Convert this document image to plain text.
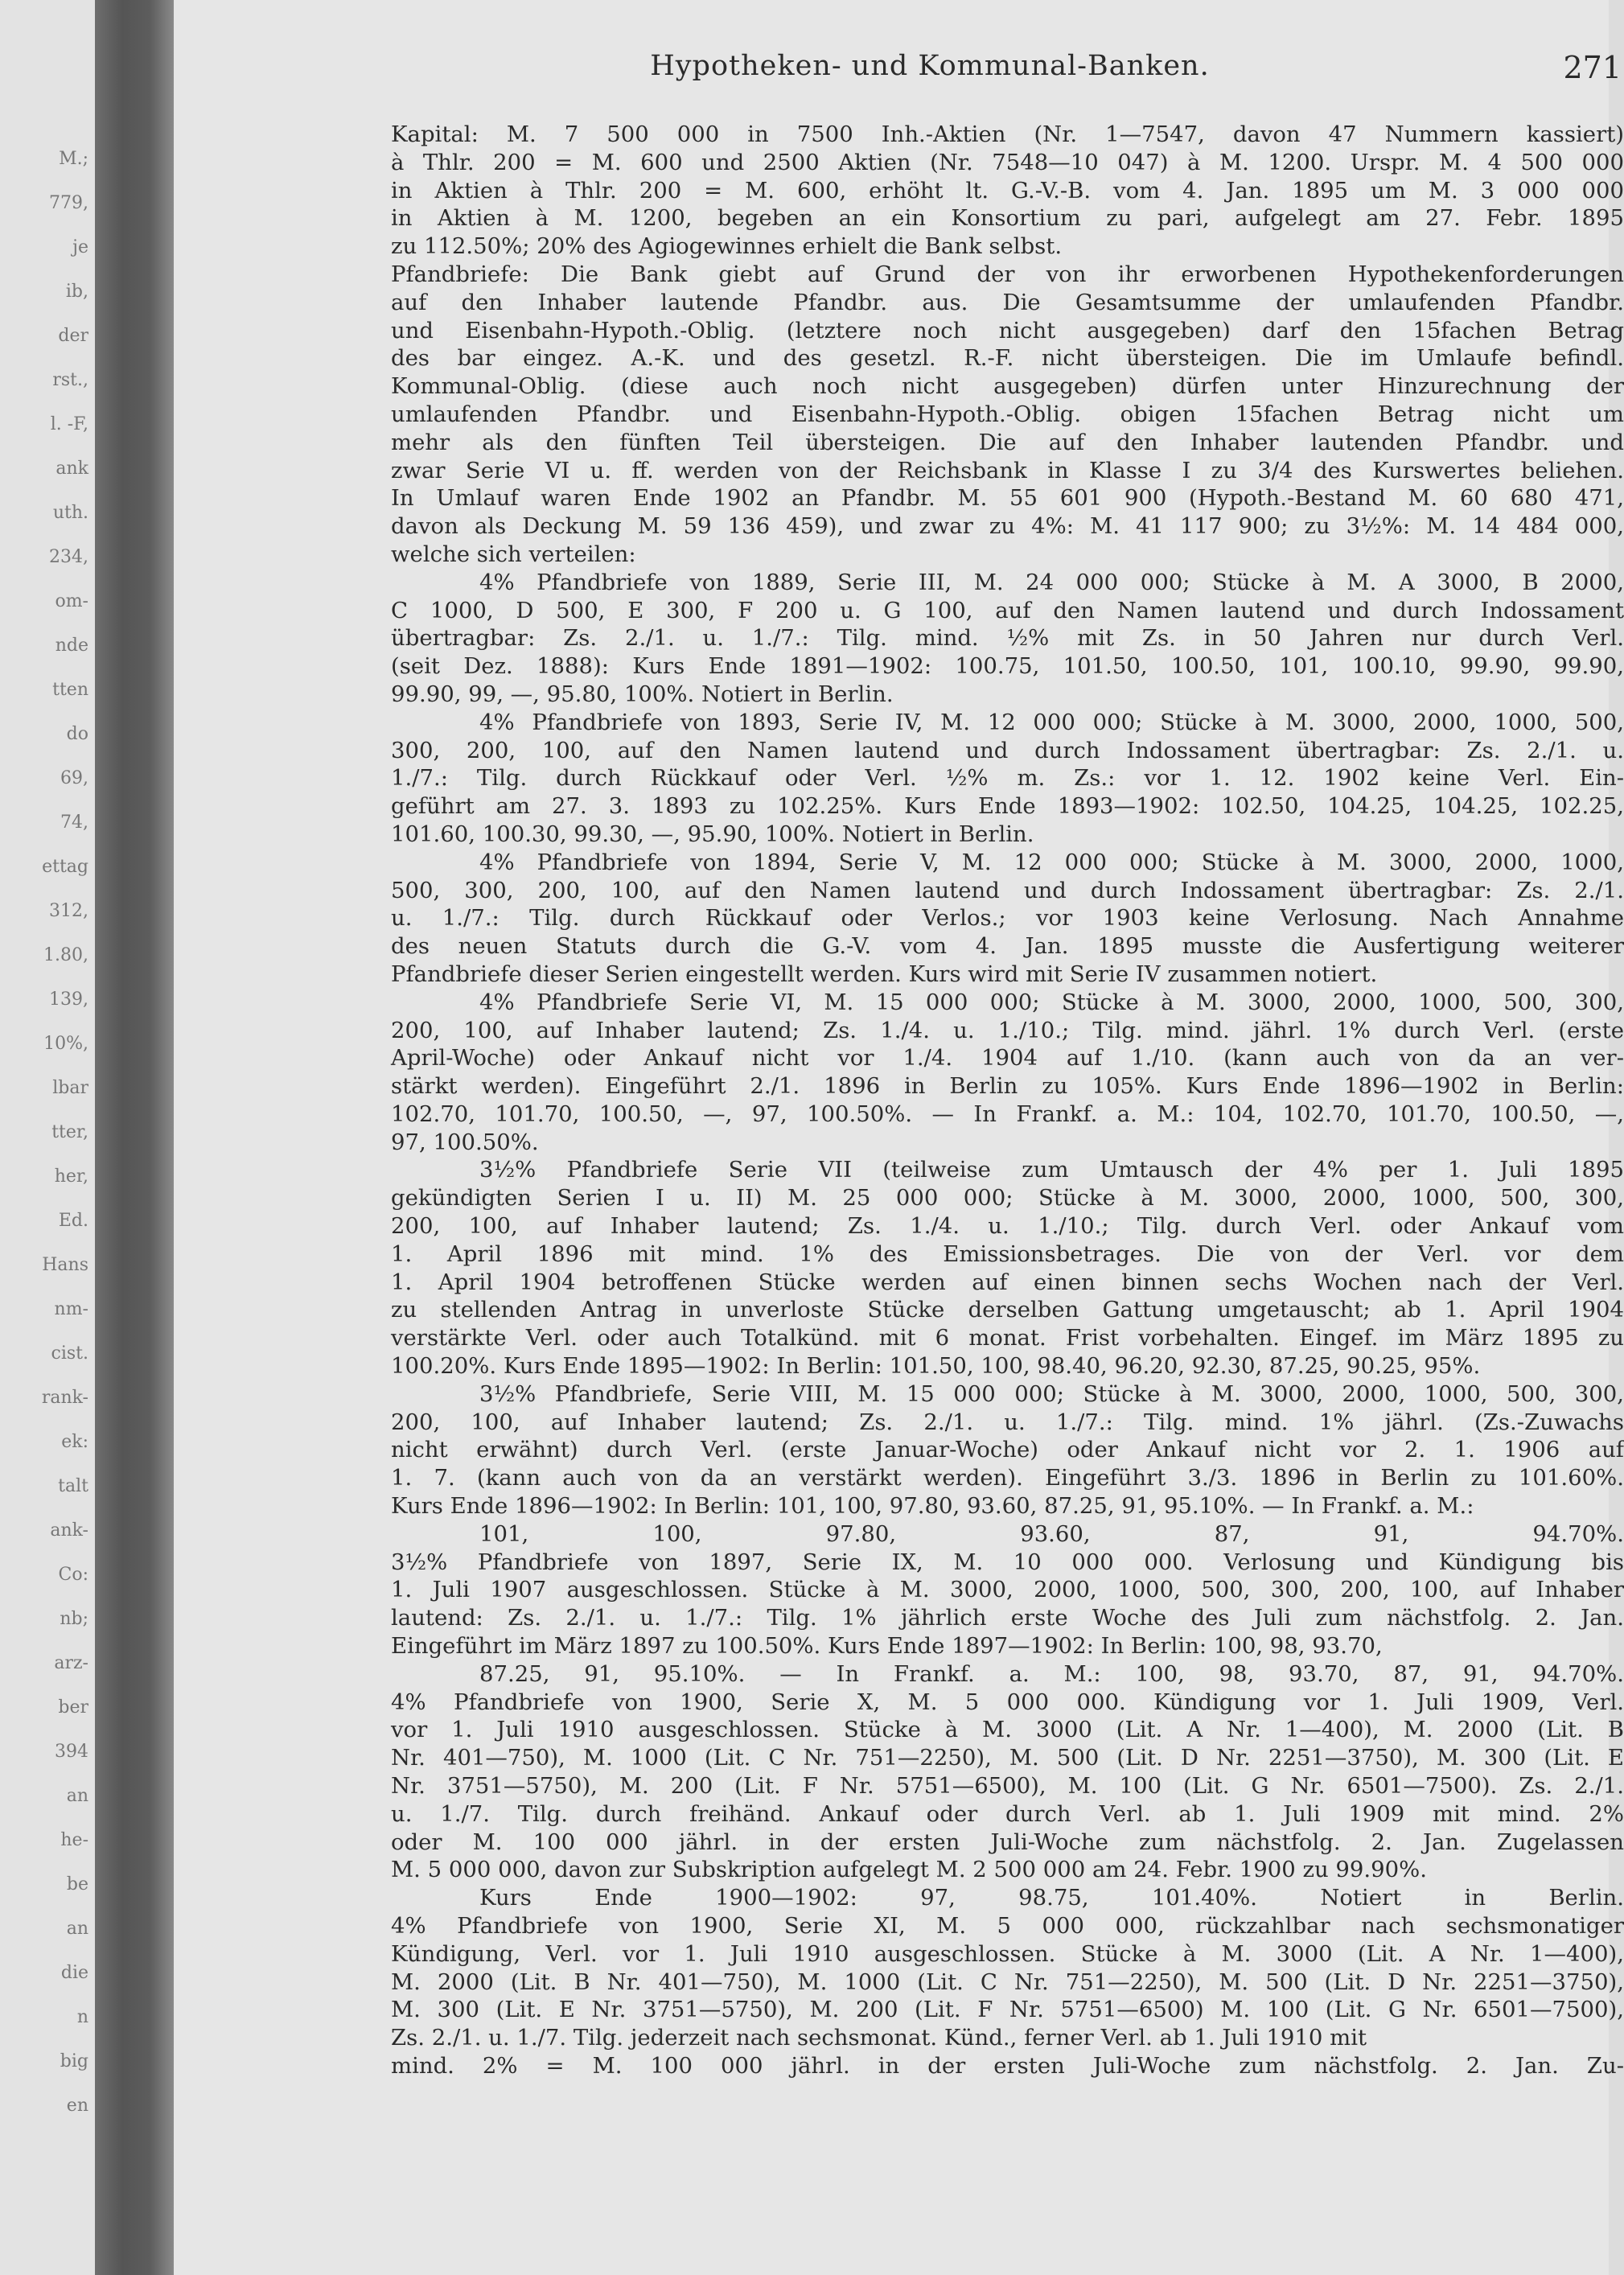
M.;
779,
je
ib,
der
rst.,
l. -F,
ank
uth.
234,
om-
nde
tten
do
69,
74,
ettag
312,
1.80,
139,
10%,
lbar
tter,
her,
Ed.
Hans
nm-
cist.
rank-
ek:
talt
ank-
Co:
nb;
arz-
ber
394
an
he-
be
an
die
n
big
en
Hypotheken- und Kommunal-Banken.	271
Kapital: M. 7 500 000 in 7500 Inh.-Aktien (Nr. 1—7547, davon 47 Nummern kassiert)
à Thlr. 200 = M. 600 und 2500 Aktien (Nr. 7548—10 047) à M. 1200. Urspr. M. 4 500 000
in Aktien à Thlr. 200 = M. 600, erhöht lt. G.-V.-B. vom 4. Jan. 1895 um M. 3 000 000
in Aktien à M. 1200, begeben an ein Konsortium zu pari, aufgelegt am 27. Febr. 1895
zu 112.50%; 20% des Agiogewinnes erhielt die Bank selbst.
Pfandbriefe: Die Bank giebt auf Grund der von ihr erworbenen Hypothekenforderungen
auf den Inhaber lautende Pfandbr. aus. Die Gesamtsumme der umlaufenden Pfandbr.
und Eisenbahn-Hypoth.-Oblig. (letztere noch nicht ausgegeben) darf den 15fachen Betrag
des bar eingez. A.-K. und des gesetzl. R.-F. nicht übersteigen. Die im Umlaufe befindl.
Kommunal-Oblig. (diese auch noch nicht ausgegeben) dürfen unter Hinzurechnung der
umlaufenden Pfandbr. und Eisenbahn-Hypoth.-Oblig. obigen 15fachen Betrag nicht um
mehr als den fünften Teil übersteigen. Die auf den Inhaber lautenden Pfandbr. und
zwar Serie VI u. ff. werden von der Reichsbank in Klasse I zu 3/4 des Kurswertes beliehen.
In Umlauf waren Ende 1902 an Pfandbr. M. 55 601 900 (Hypoth.-Bestand M. 60 680 471,
davon als Deckung M. 59 136 459), und zwar zu 4%: M. 41 117 900; zu 3½%: M. 14 484 000,
welche sich verteilen:
4% Pfandbriefe von 1889, Serie III, M. 24 000 000; Stücke à M. A 3000, B 2000,
C 1000, D 500, E 300, F 200 u. G 100, auf den Namen lautend und durch Indossament
übertragbar: Zs. 2./1. u. 1./7.: Tilg. mind. ½% mit Zs. in 50 Jahren nur durch Verl.
(seit Dez. 1888): Kurs Ende 1891—1902: 100.75, 101.50, 100.50, 101, 100.10, 99.90, 99.90,
99.90, 99, —, 95.80, 100%. Notiert in Berlin.
4% Pfandbriefe von 1893, Serie IV, M. 12 000 000; Stücke à M. 3000, 2000, 1000, 500,
300, 200, 100, auf den Namen lautend und durch Indossament übertragbar: Zs. 2./1. u.
1./7.: Tilg. durch Rückkauf oder Verl. ½% m. Zs.: vor 1. 12. 1902 keine Verl. Ein-
geführt am 27. 3. 1893 zu 102.25%. Kurs Ende 1893—1902: 102.50, 104.25, 104.25, 102.25,
101.60, 100.30, 99.30, —, 95.90, 100%. Notiert in Berlin.
4% Pfandbriefe von 1894, Serie V, M. 12 000 000; Stücke à M. 3000, 2000, 1000,
500, 300, 200, 100, auf den Namen lautend und durch Indossament übertragbar: Zs. 2./1.
u. 1./7.: Tilg. durch Rückkauf oder Verlos.; vor 1903 keine Verlosung. Nach Annahme
des neuen Statuts durch die G.-V. vom 4. Jan. 1895 musste die Ausfertigung weiterer
Pfandbriefe dieser Serien eingestellt werden. Kurs wird mit Serie IV zusammen notiert.
4% Pfandbriefe Serie VI, M. 15 000 000; Stücke à M. 3000, 2000, 1000, 500, 300,
200, 100, auf Inhaber lautend; Zs. 1./4. u. 1./10.; Tilg. mind. jährl. 1% durch Verl. (erste
April-Woche) oder Ankauf nicht vor 1./4. 1904 auf 1./10. (kann auch von da an ver-
stärkt werden). Eingeführt 2./1. 1896 in Berlin zu 105%. Kurs Ende 1896—1902 in Berlin:
102.70, 101.70, 100.50, —, 97, 100.50%. — In Frankf. a. M.: 104, 102.70, 101.70, 100.50, —,
97, 100.50%.
3½% Pfandbriefe Serie VII (teilweise zum Umtausch der 4% per 1. Juli 1895
gekündigten Serien I u. II) M. 25 000 000; Stücke à M. 3000, 2000, 1000, 500, 300,
200, 100, auf Inhaber lautend; Zs. 1./4. u. 1./10.; Tilg. durch Verl. oder Ankauf vom
1. April 1896 mit mind. 1% des Emissionsbetrages. Die von der Verl. vor dem
1. April 1904 betroffenen Stücke werden auf einen binnen sechs Wochen nach der Verl.
zu stellenden Antrag in unverloste Stücke derselben Gattung umgetauscht; ab 1. April 1904
verstärkte Verl. oder auch Totalkünd. mit 6 monat. Frist vorbehalten. Eingef. im März 1895 zu
100.20%. Kurs Ende 1895—1902: In Berlin: 101.50, 100, 98.40, 96.20, 92.30, 87.25, 90.25, 95%.
3½% Pfandbriefe, Serie VIII, M. 15 000 000; Stücke à M. 3000, 2000, 1000, 500, 300,
200, 100, auf Inhaber lautend; Zs. 2./1. u. 1./7.: Tilg. mind. 1% jährl. (Zs.-Zuwachs
nicht erwähnt) durch Verl. (erste Januar-Woche) oder Ankauf nicht vor 2. 1. 1906 auf
1. 7. (kann auch von da an verstärkt werden). Eingeführt 3./3. 1896 in Berlin zu 101.60%.
Kurs Ende 1896—1902: In Berlin: 101, 100, 97.80, 93.60, 87.25, 91, 95.10%. — In Frankf. a. M.:
101, 100, 97.80, 93.60, 87, 91, 94.70%.
3½% Pfandbriefe von 1897, Serie IX, M. 10 000 000. Verlosung und Kündigung bis
1. Juli 1907 ausgeschlossen. Stücke à M. 3000, 2000, 1000, 500, 300, 200, 100, auf Inhaber
lautend: Zs. 2./1. u. 1./7.: Tilg. 1% jährlich erste Woche des Juli zum nächstfolg. 2. Jan.
Eingeführt im März 1897 zu 100.50%. Kurs Ende 1897—1902: In Berlin: 100, 98, 93.70,
87.25, 91, 95.10%. — In Frankf. a. M.: 100, 98, 93.70, 87, 91, 94.70%.
4% Pfandbriefe von 1900, Serie X, M. 5 000 000. Kündigung vor 1. Juli 1909, Verl.
vor 1. Juli 1910 ausgeschlossen. Stücke à M. 3000 (Lit. A Nr. 1—400), M. 2000 (Lit. B
Nr. 401—750), M. 1000 (Lit. C Nr. 751—2250), M. 500 (Lit. D Nr. 2251—3750), M. 300 (Lit. E
Nr. 3751—5750), M. 200 (Lit. F Nr. 5751—6500), M. 100 (Lit. G Nr. 6501—7500). Zs. 2./1.
u. 1./7. Tilg. durch freihänd. Ankauf oder durch Verl. ab 1. Juli 1909 mit mind. 2%
oder M. 100 000 jährl. in der ersten Juli-Woche zum nächstfolg. 2. Jan. Zugelassen
M. 5 000 000, davon zur Subskription aufgelegt M. 2 500 000 am 24. Febr. 1900 zu 99.90%.
Kurs Ende 1900—1902: 97, 98.75, 101.40%. Notiert in Berlin.
4% Pfandbriefe von 1900, Serie XI, M. 5 000 000, rückzahlbar nach sechsmonatiger
Kündigung, Verl. vor 1. Juli 1910 ausgeschlossen. Stücke à M. 3000 (Lit. A Nr. 1—400),
M. 2000 (Lit. B Nr. 401—750), M. 1000 (Lit. C Nr. 751—2250), M. 500 (Lit. D Nr. 2251—3750),
M. 300 (Lit. E Nr. 3751—5750), M. 200 (Lit. F Nr. 5751—6500) M. 100 (Lit. G Nr. 6501—7500),
Zs. 2./1. u. 1./7. Tilg. jederzeit nach sechsmonat. Künd., ferner Verl. ab 1. Juli 1910 mit
mind. 2% = M. 100 000 jährl. in der ersten Juli-Woche zum nächstfolg. 2. Jan. Zu-
